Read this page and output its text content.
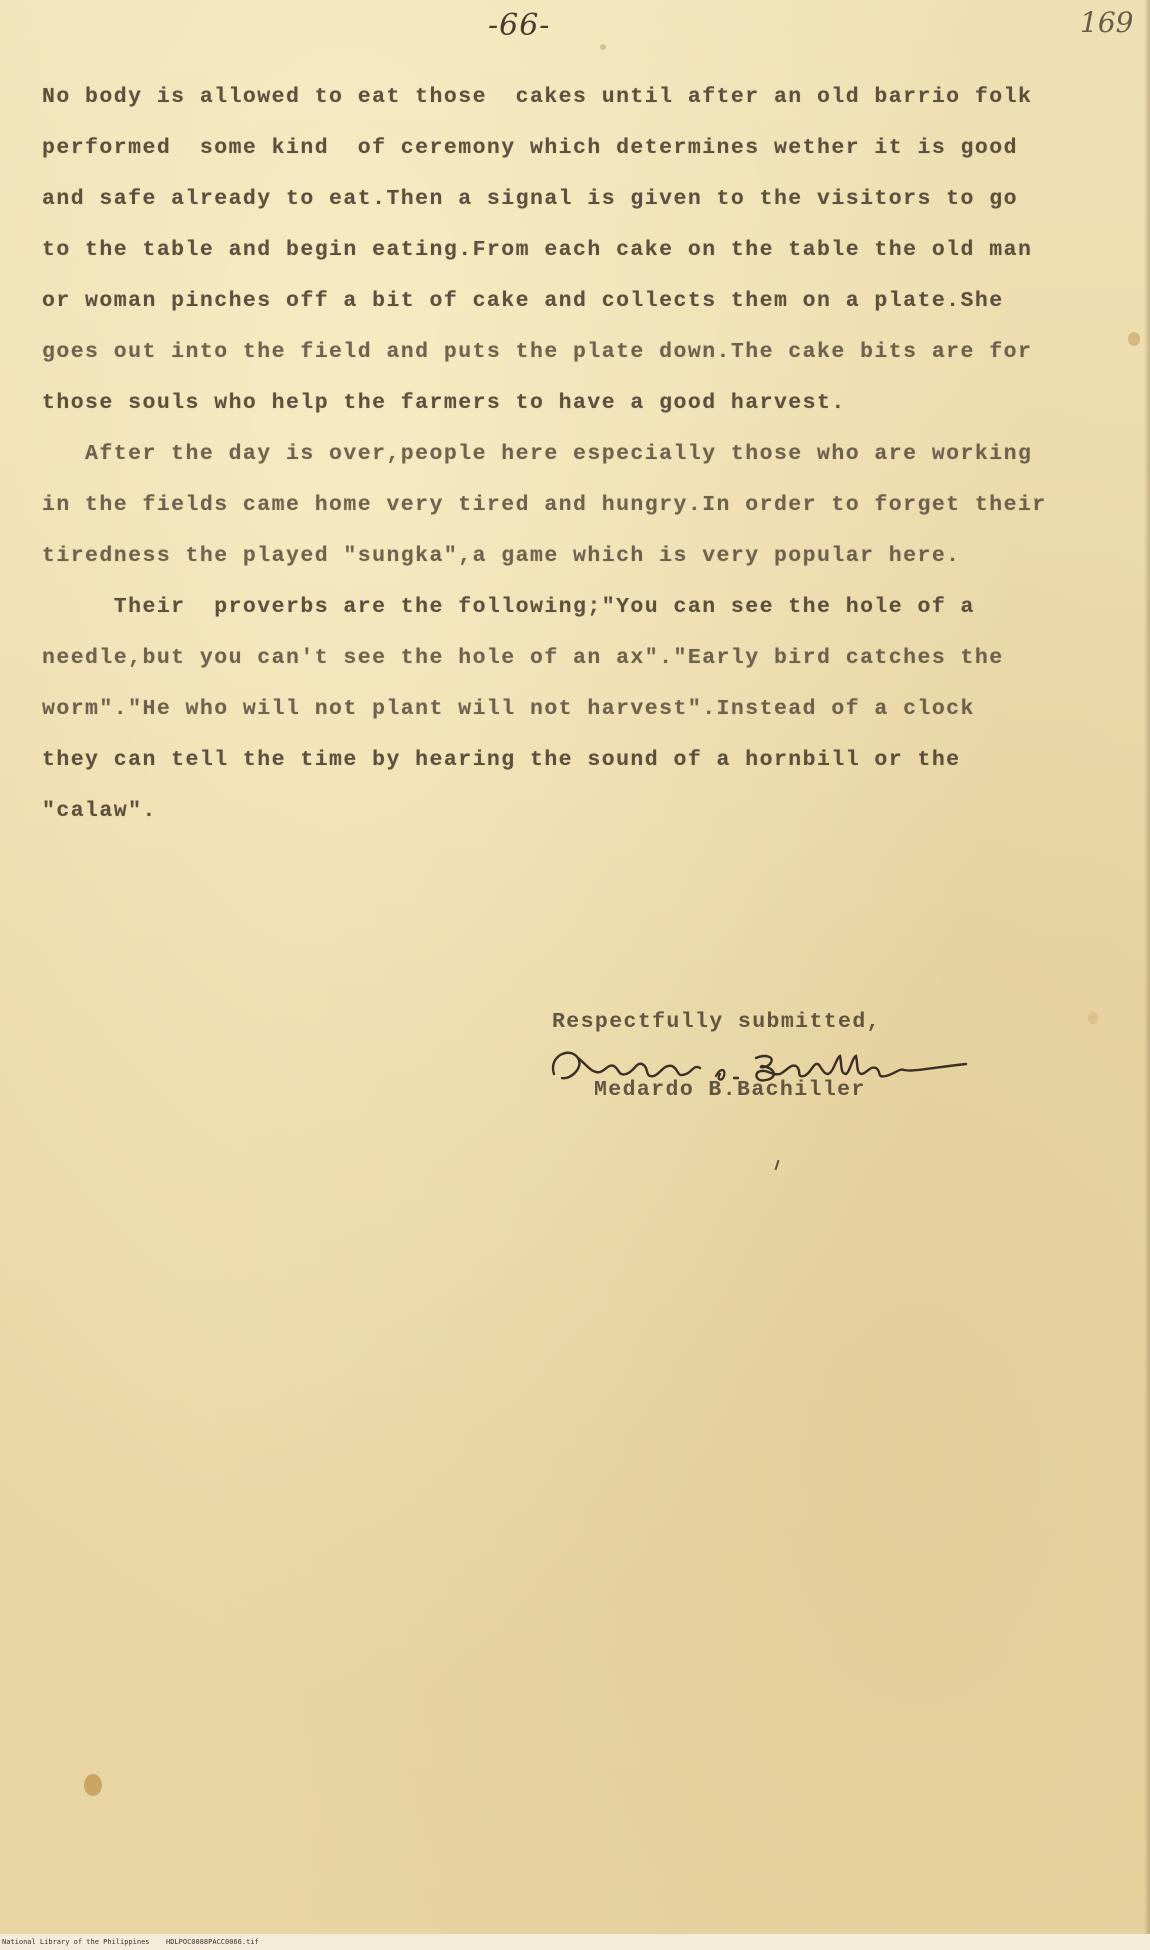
-66-	169
No body is allowed to eat those  cakes until after an old barrio folk
performed  some kind  of ceremony which determines wether it is good
and safe already to eat.Then a signal is given to the visitors to go
to the table and begin eating.From each cake on the table the old man
or woman pinches off a bit of cake and collects them on a plate.She
goes out into the field and puts the plate down.The cake bits are for
those souls who help the farmers to have a good harvest.
After the day is over,people here especially those who are working
in the fields came home very tired and hungry.In order to forget their
tiredness the played "sungka",a game which is very popular here.
Their  proverbs are the following;"You can see the hole of a
needle,but you can't see the hole of an ax"."Early bird catches the
worm"."He who will not plant will not harvest".Instead of a clock
they can tell the time by hearing the sound of a hornbill or the
"calaw".
Respectfully submitted,
Medardo B.Bachiller
National Library of the Philippines HDLPOC0088PACC0066.tif
